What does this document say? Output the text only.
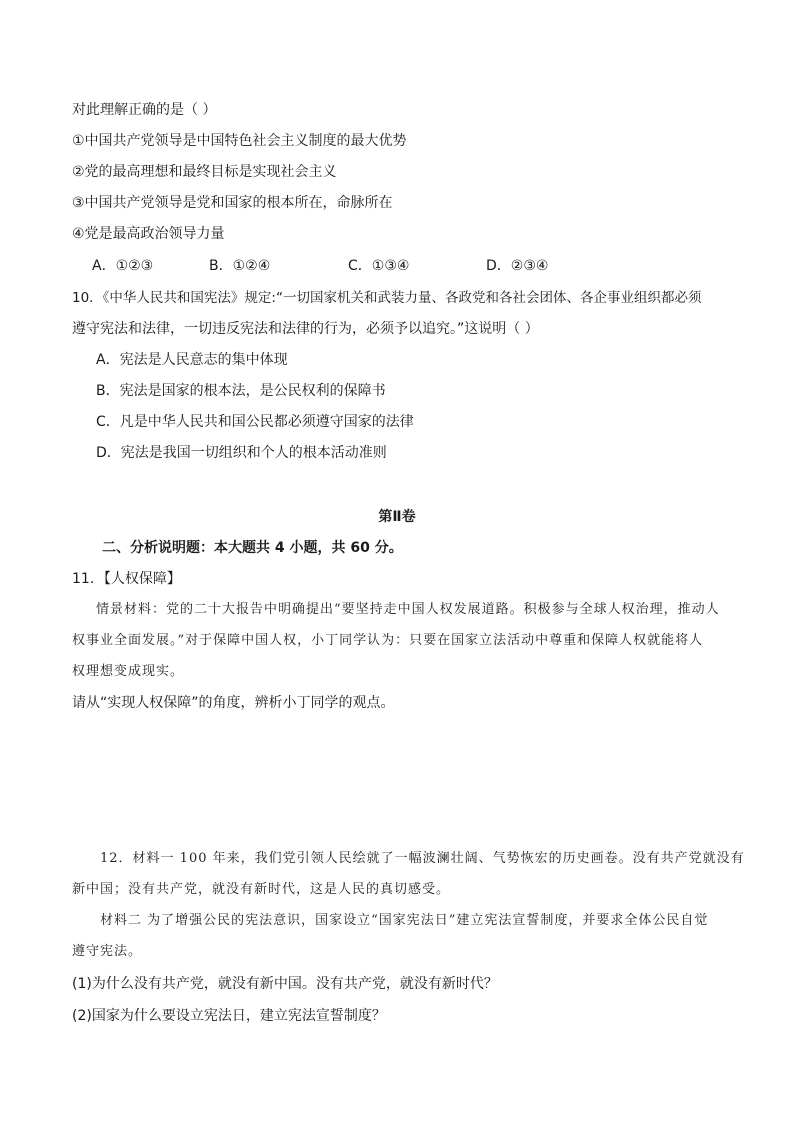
对此理解正确的是（ ）
①中国共产党领导是中国特色社会主义制度的最大优势
②党的最高理想和最终目标是实现社会主义
③中国共产党领导是党和国家的根本所在，命脉所在
④党是最高政治领导力量
A．①②③	B．①②④	C．①③④	D．②③④
10．《中华人民共和国宪法》规定:“一切国家机关和武装力量、各政党和各社会团体、各企事业组织都必须
遵守宪法和法律，一切违反宪法和法律的行为，必须予以追究。”这说明（ ）
A．宪法是人民意志的集中体现
B．宪法是国家的根本法，是公民权利的保障书
C．凡是中华人民共和国公民都必须遵守国家的法律
D．宪法是我国一切组织和个人的根本活动准则
第Ⅱ卷
二、分析说明题：本大题共 4 小题，共 60 分。
11．【人权保障】
情景材料：党的二十大报告中明确提出“要坚持走中国人权发展道路。积极参与全球人权治理，推动人
权事业全面发展。”对于保障中国人权，小丁同学认为：只要在国家立法活动中尊重和保障人权就能将人
权理想变成现实。
请从“实现人权保障”的角度，辨析小丁同学的观点。
12．材料一 100 年来，我们党引领人民绘就了一幅波澜壮阔、气势恢宏的历史画卷。没有共产党就没有
新中国；没有共产党，就没有新时代，这是人民的真切感受。
材料二 为了增强公民的宪法意识，国家设立“国家宪法日”建立宪法宣誓制度，并要求全体公民自觉
遵守宪法。
(1)为什么没有共产党，就没有新中国。没有共产党，就没有新时代？
(2)国家为什么要设立宪法日，建立宪法宣誓制度？
